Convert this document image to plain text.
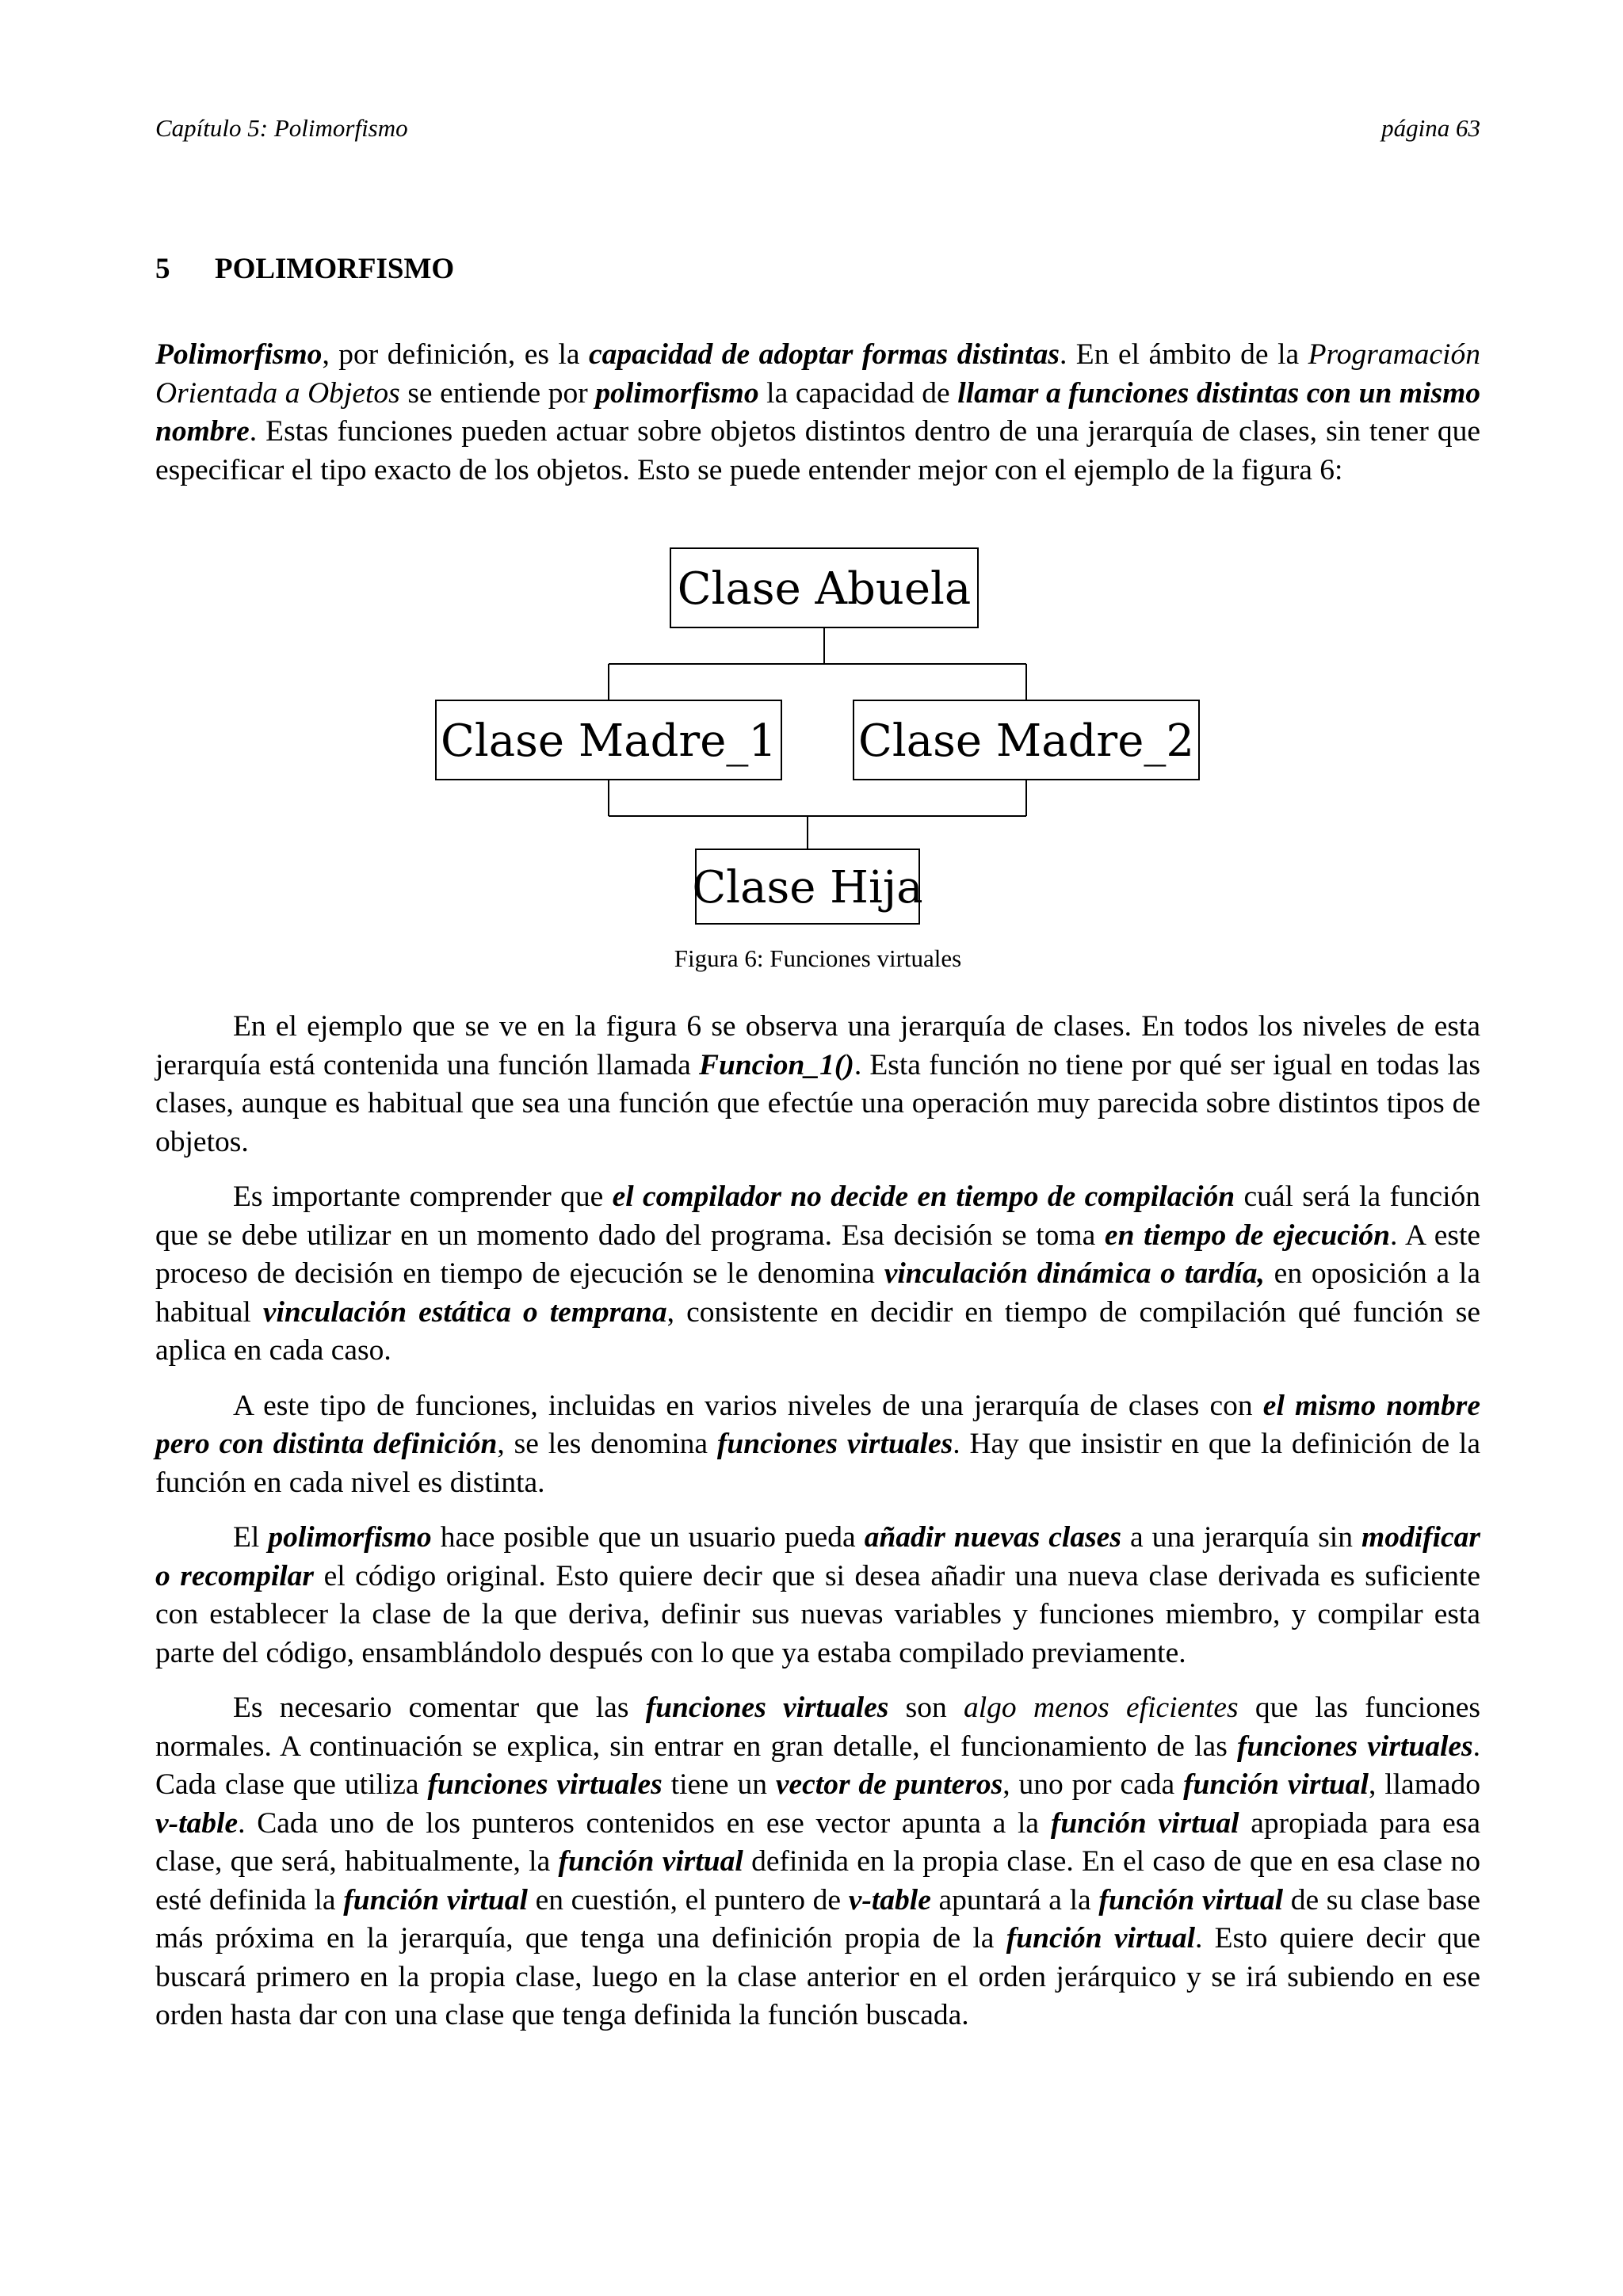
Capítulo 5: Polimorfismo	página 63
5 POLIMORFISMO

Polimorfismo, por definición, es la capacidad de adoptar formas distintas. En el ámbito de la Programación Orientada a Objetos se entiende por polimorfismo la capacidad de llamar a funciones distintas con un mismo nombre. Estas funciones pueden actuar sobre objetos distintos dentro de una jerarquía de clases, sin tener que especificar el tipo exacto de los objetos. Esto se puede entender mejor con el ejemplo de la figura 6:

Clase Abuela
Clase Madre_1 Clase Madre_2
Clase Hija
Figura 6: Funciones virtuales

En el ejemplo que se ve en la figura 6 se observa una jerarquía de clases. En todos los niveles de esta jerarquía está contenida una función llamada Funcion_1(). Esta función no tiene por qué ser igual en todas las clases, aunque es habitual que sea una función que efectúe una operación muy parecida sobre distintos tipos de objetos.

Es importante comprender que el compilador no decide en tiempo de compilación cuál será la función que se debe utilizar en un momento dado del programa. Esa decisión se toma en tiempo de ejecución. A este proceso de decisión en tiempo de ejecución se le denomina vinculación dinámica o tardía, en oposición a la habitual vinculación estática o temprana, consistente en decidir en tiempo de compilación qué función se aplica en cada caso.

A este tipo de funciones, incluidas en varios niveles de una jerarquía de clases con el mismo nombre pero con distinta definición, se les denomina funciones virtuales. Hay que insistir en que la definición de la función en cada nivel es distinta.

El polimorfismo hace posible que un usuario pueda añadir nuevas clases a una jerarquía sin modificar o recompilar el código original. Esto quiere decir que si desea añadir una nueva clase derivada es suficiente con establecer la clase de la que deriva, definir sus nuevas variables y funciones miembro, y compilar esta parte del código, ensamblándolo después con lo que ya estaba compilado previamente.

Es necesario comentar que las funciones virtuales son algo menos eficientes que las funciones normales. A continuación se explica, sin entrar en gran detalle, el funcionamiento de las funciones virtuales. Cada clase que utiliza funciones virtuales tiene un vector de punteros, uno por cada función virtual, llamado v-table. Cada uno de los punteros contenidos en ese vector apunta a la función virtual apropiada para esa clase, que será, habitualmente, la función virtual definida en la propia clase. En el caso de que en esa clase no esté definida la función virtual en cuestión, el puntero de v-table apuntará a la función virtual de su clase base más próxima en la jerarquía, que tenga una definición propia de la función virtual. Esto quiere decir que buscará primero en la propia clase, luego en la clase anterior en el orden jerárquico y se irá subiendo en ese orden hasta dar con una clase que tenga definida la función buscada.
